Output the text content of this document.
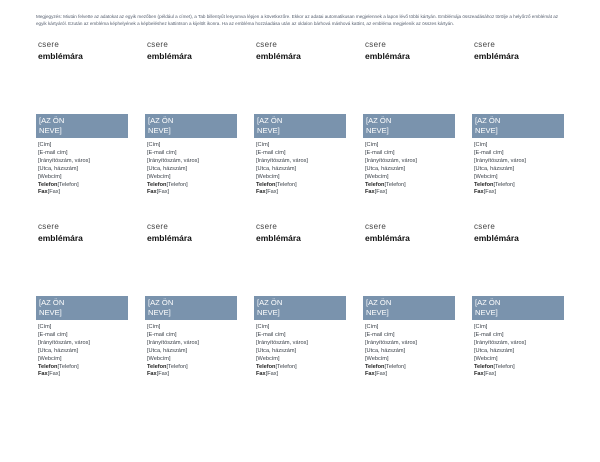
Megjegyzés: Miután felvette az adatokat az egyik mezőben (például a címet), a Tab billentyűt lenyomva lépjen a következőre. Ekkor az adatai automatikusan megjelennek a lapon lévő többi kártyán. Emblémája összeadásához törölje a helyőrző emblémát az egyik kártyáról. Ezután az embléma képhelyének a képbeléshez kattintson a kijelölt ikonra. Ha az embléma hozzáadása után az oldalon bárhová máshová kattint, az embléma megjelenik az összes kártyán.
csere
emblémára
[AZ ÖN
NEVE]
[Cím]
[E-mail cím]
[Irányítószám, város]
[Utca, házszám]
[Webcím]
Telefon[Telefon]
Fax[Fax]
csere
emblémára
[AZ ÖN
NEVE]
[Cím]
[E-mail cím]
[Irányítószám, város]
[Utca, házszám]
[Webcím]
Telefon[Telefon]
Fax[Fax]
csere
emblémára
[AZ ÖN
NEVE]
[Cím]
[E-mail cím]
[Irányítószám, város]
[Utca, házszám]
[Webcím]
Telefon[Telefon]
Fax[Fax]
csere
emblémára
[AZ ÖN
NEVE]
[Cím]
[E-mail cím]
[Irányítószám, város]
[Utca, házszám]
[Webcím]
Telefon[Telefon]
Fax[Fax]
csere
emblémára
[AZ ÖN
NEVE]
[Cím]
[E-mail cím]
[Irányítószám, város]
[Utca, házszám]
[Webcím]
Telefon[Telefon]
Fax[Fax]
csere
emblémára
[AZ ÖN
NEVE]
[Cím]
[E-mail cím]
[Irányítószám, város]
[Utca, házszám]
[Webcím]
Telefon[Telefon]
Fax[Fax]
csere
emblémára
[AZ ÖN
NEVE]
[Cím]
[E-mail cím]
[Irányítószám, város]
[Utca, házszám]
[Webcím]
Telefon[Telefon]
Fax[Fax]
csere
emblémára
[AZ ÖN
NEVE]
[Cím]
[E-mail cím]
[Irányítószám, város]
[Utca, házszám]
[Webcím]
Telefon[Telefon]
Fax[Fax]
csere
emblémára
[AZ ÖN
NEVE]
[Cím]
[E-mail cím]
[Irányítószám, város]
[Utca, házszám]
[Webcím]
Telefon[Telefon]
Fax[Fax]
csere
emblémára
[AZ ÖN
NEVE]
[Cím]
[E-mail cím]
[Irányítószám, város]
[Utca, házszám]
[Webcím]
Telefon[Telefon]
Fax[Fax]
